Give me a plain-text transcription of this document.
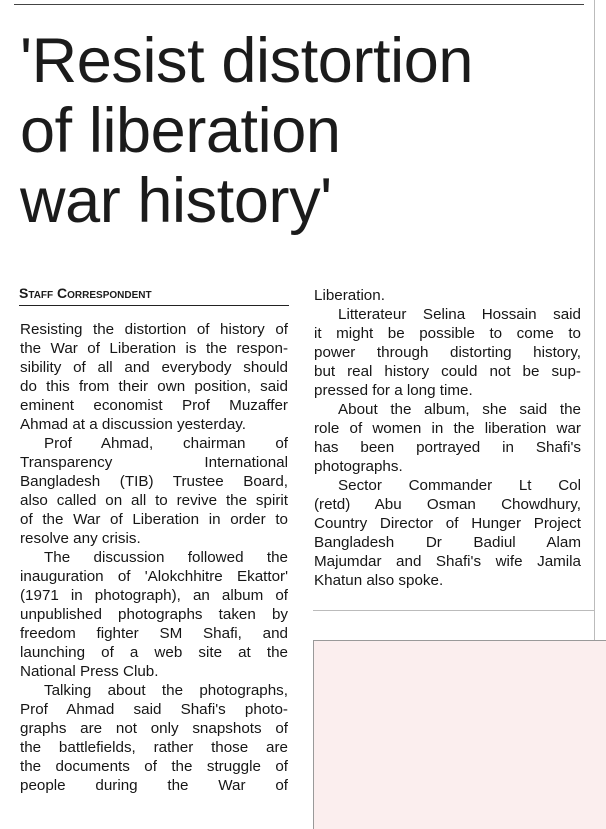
'Resist distortion
of liberation
war history'
Staff Correspondent

Resisting the distortion of history of

the War of Liberation is the respon-

sibility of all and everybody should

do this from their own position, said

eminent economist Prof Muzaffer

Ahmad at a discussion yesterday.

Prof Ahmad, chairman of

Transparency International

Bangladesh (TIB) Trustee Board,

also called on all to revive the spirit

of the War of Liberation in order to

resolve any crisis.

The discussion followed the

inauguration of 'Alokchhitre Ekattor'

(1971 in photograph), an album of

unpublished photographs taken by

freedom fighter SM Shafi, and

launching of a web site at the

National Press Club.

Talking about the photographs,

Prof Ahmad said Shafi's photo-

graphs are not only snapshots of

the battlefields, rather those are

the documents of the struggle of

people during the War of

Liberation.

Litterateur Selina Hossain said

it might be possible to come to

power through distorting history,

but real history could not be sup-

pressed for a long time.

About the album, she said the

role of women in the liberation war

has been portrayed in Shafi's

photographs.

Sector Commander Lt Col

(retd) Abu Osman Chowdhury,

Country Director of Hunger Project

Bangladesh Dr Badiul Alam

Majumdar and Shafi's wife Jamila

Khatun also spoke.
